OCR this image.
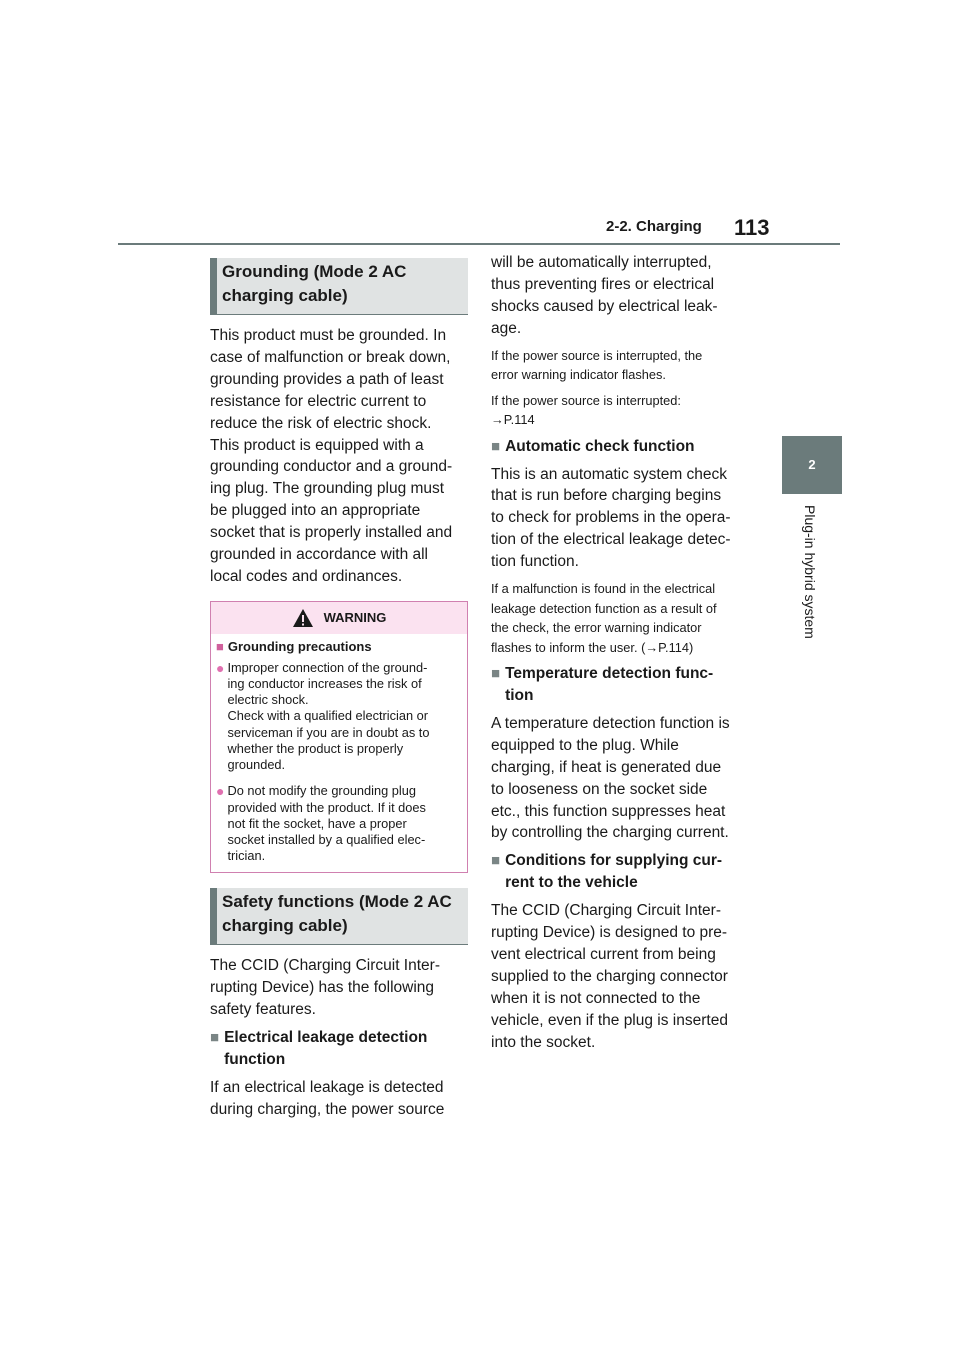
2-2. Charging 113
2
Plug-in hybrid system
Grounding (Mode 2 AC
charging cable)
This product must be grounded. In
case of malfunction or break down,
grounding provides a path of least
resistance for electric current to
reduce the risk of electric shock.
This product is equipped with a
grounding conductor and a ground-
ing plug. The grounding plug must
be plugged into an appropriate
socket that is properly installed and
grounded in accordance with all
local codes and ordinances.
WARNING
■ Grounding precautions
● Improper connection of the ground-
ing conductor increases the risk of
electric shock.
Check with a qualified electrician or
serviceman if you are in doubt as to
whether the product is properly
grounded.
● Do not modify the grounding plug
provided with the product. If it does
not fit the socket, have a proper
socket installed by a qualified elec-
trician.
Safety functions (Mode 2 AC
charging cable)
The CCID (Charging Circuit Inter-
rupting Device) has the following
safety features.
■ Electrical leakage detection
function
If an electrical leakage is detected
during charging, the power source
will be automatically interrupted,
thus preventing fires or electrical
shocks caused by electrical leak-
age.
If the power source is interrupted, the
error warning indicator flashes.
If the power source is interrupted:
→P.114
■ Automatic check function
This is an automatic system check
that is run before charging begins
to check for problems in the opera-
tion of the electrical leakage detec-
tion function.
If a malfunction is found in the electrical
leakage detection function as a result of
the check, the error warning indicator
flashes to inform the user. (→P.114)
■ Temperature detection func-
tion
A temperature detection function is
equipped to the plug. While
charging, if heat is generated due
to looseness on the socket side
etc., this function suppresses heat
by controlling the charging current.
■ Conditions for supplying cur-
rent to the vehicle
The CCID (Charging Circuit Inter-
rupting Device) is designed to pre-
vent electrical current from being
supplied to the charging connector
when it is not connected to the
vehicle, even if the plug is inserted
into the socket.
